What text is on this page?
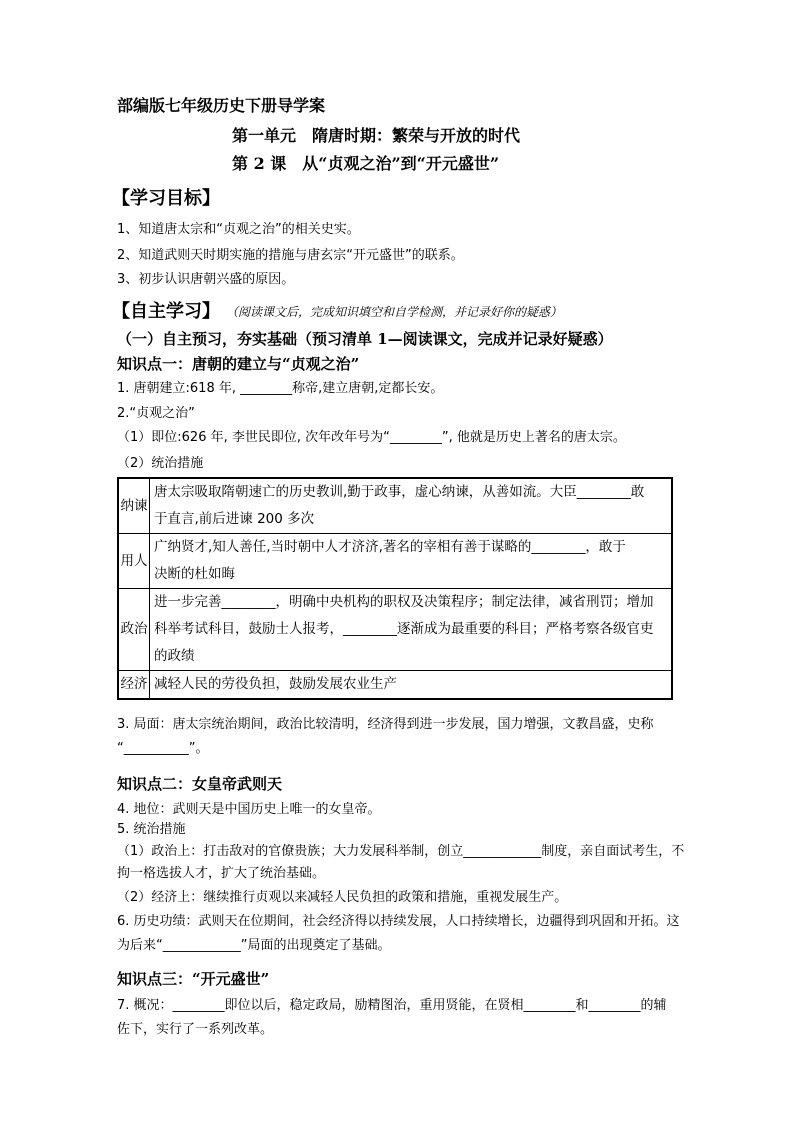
部编版七年级历史下册导学案
第一单元　隋唐时期：繁荣与开放的时代
第 2 课　从“贞观之治”到“开元盛世”
【学习目标】
1、知道唐太宗和“贞观之治”的相关史实。
2、知道武则天时期实施的措施与唐玄宗“开元盛世”的联系。
3、初步认识唐朝兴盛的原因。
【自主学习】 （阅读课文后，完成知识填空和自学检测，并记录好你的疑惑）
（一）自主预习，夯实基础（预习清单 1—阅读课文，完成并记录好疑惑）
知识点一：唐朝的建立与“贞观之治”
1. 唐朝建立:618 年, ________称帝,建立唐朝,定都长安。
2.“贞观之治”
（1）即位:626 年, 李世民即位, 次年改年号为“________”, 他就是历史上著名的唐太宗。
（2）统治措施
纳谏	唐太宗吸取隋朝速亡的历史教训,勤于政事，虚心纳谏，从善如流。大臣________敢
于直言,前后进谏 200 多次

用人	广纳贤才,知人善任,当时朝中人才济济,著名的宰相有善于谋略的________，敢于
决断的杜如晦

政治	进一步完善________，明确中央机构的职权及决策程序；制定法律，减省刑罚；增加
科举考试科目，鼓励士人报考，________逐渐成为最重要的科目；严格考察各级官吏
的政绩

经济	减轻人民的劳役负担，鼓励发展农业生产
3. 局面：唐太宗统治期间，政治比较清明，经济得到进一步发展，国力增强，文教昌盛，史称
“__________”。
知识点二：女皇帝武则天
4. 地位：武则天是中国历史上唯一的女皇帝。
5. 统治措施
（1）政治上：打击敌对的官僚贵族；大力发展科举制，创立____________制度，亲自面试考生，不
拘一格选拔人才，扩大了统治基础。
（2）经济上：继续推行贞观以来减轻人民负担的政策和措施，重视发展生产。
6. 历史功绩：武则天在位期间，社会经济得以持续发展，人口持续增长，边疆得到巩固和开拓。这
为后来“____________”局面的出现奠定了基础。
知识点三：“开元盛世”
7. 概况：________即位以后，稳定政局，励精图治，重用贤能，在贤相________和________的辅
佐下，实行了一系列改革。
